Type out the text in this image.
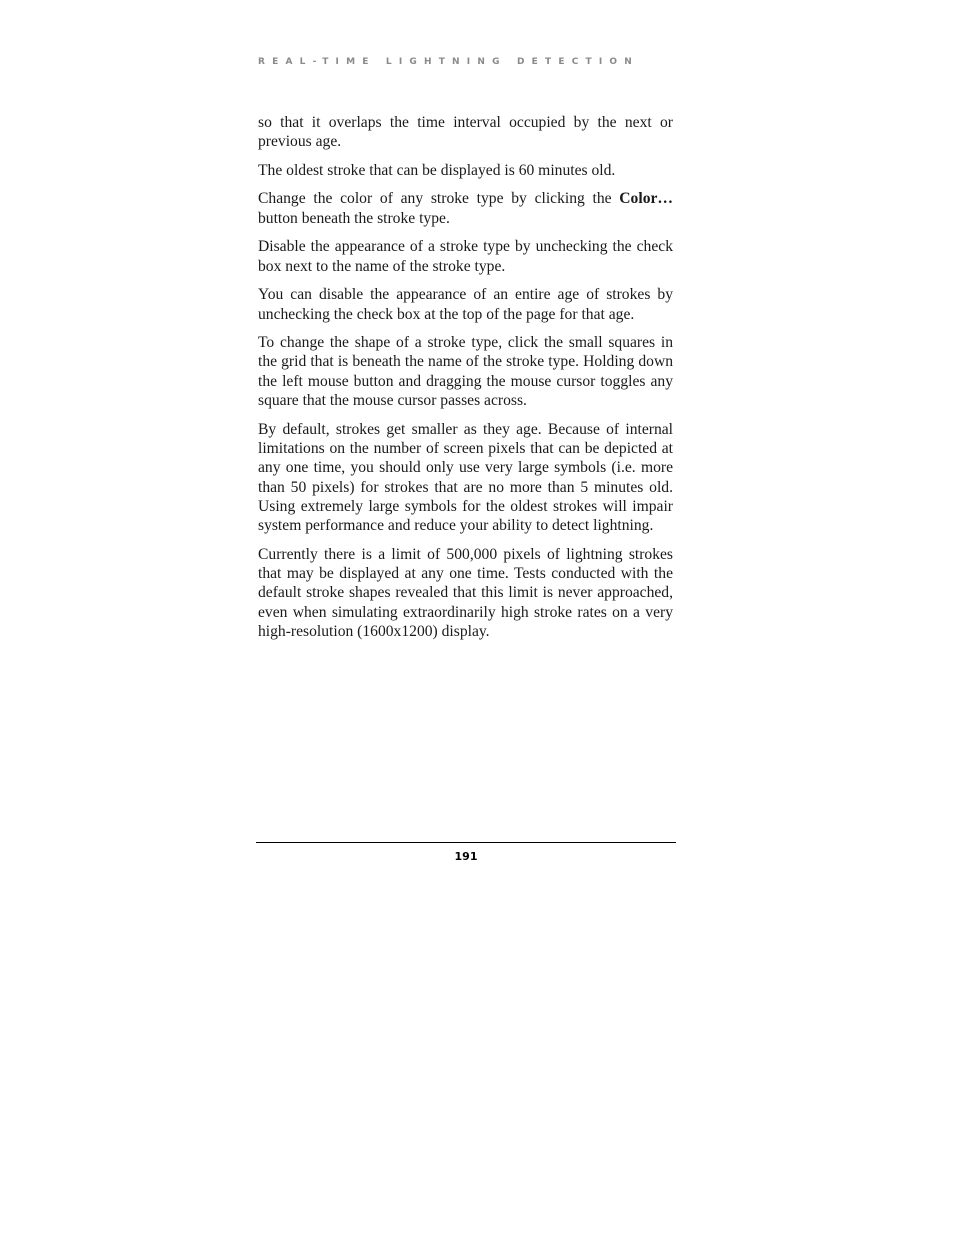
REAL-TIME LIGHTNING DETECTION

so that it overlaps the time interval occupied by the next or previous age.

The oldest stroke that can be displayed is 60 minutes old.

Change the color of any stroke type by clicking the Color… button beneath the stroke type.

Disable the appearance of a stroke type by unchecking the check box next to the name of the stroke type.

You can disable the appearance of an entire age of strokes by unchecking the check box at the top of the page for that age.

To change the shape of a stroke type, click the small squares in the grid that is beneath the name of the stroke type. Holding down the left mouse button and dragging the mouse cursor toggles any square that the mouse cursor passes across.

By default, strokes get smaller as they age. Because of internal limitations on the number of screen pixels that can be depicted at any one time, you should only use very large symbols (i.e. more than 50 pixels) for strokes that are no more than 5 minutes old. Using extremely large symbols for the oldest strokes will impair system performance and reduce your ability to detect lightning.

Currently there is a limit of 500,000 pixels of lightning strokes that may be displayed at any one time. Tests conducted with the default stroke shapes revealed that this limit is never approached, even when simulating extraordinarily high stroke rates on a very high-resolution (1600x1200) display.

191
